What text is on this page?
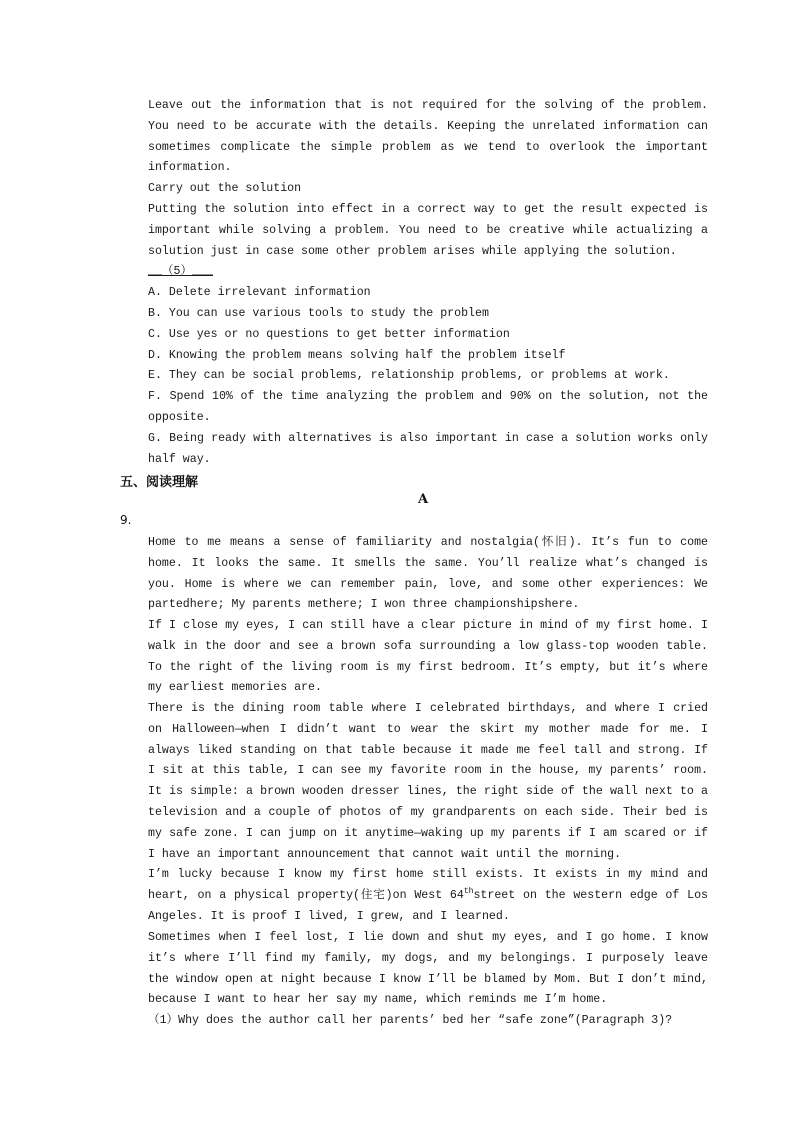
Leave out the information that is not required for the solving of the problem. You need to be accurate with the details. Keeping the unrelated information can sometimes complicate the simple problem as we tend to overlook the important information.
Carry out the solution
Putting the solution into effect in a correct way to get the result expected is important while solving a problem. You need to be creative while actualizing a solution just in case some other problem arises while applying the solution.
__（5）___
A. Delete irrelevant information
B. You can use various tools to study the problem
C. Use yes or no questions to get better information
D. Knowing the problem means solving half the problem itself
E. They can be social problems, relationship problems, or problems at work.
F. Spend 10% of the time analyzing the problem and 90% on the solution, not the opposite.
G. Being ready with alternatives is also important in case a solution works only half way.
五、阅读理解
A
9.
Home to me means a sense of familiarity and nostalgia(怀旧). It’s fun to come home. It looks the same. It smells the same. You’ll realize what’s changed is you. Home is where we can remember pain, love, and some other experiences: We partedhere; My parents methere; I won three championshipshere.
If I close my eyes, I can still have a clear picture in mind of my first home. I walk in the door and see a brown sofa surrounding a low glass-top wooden table. To the right of the living room is my first bedroom. It’s empty, but it’s where my earliest memories are.
There is the dining room table where I celebrated birthdays, and where I cried on Halloween—when I didn’t want to wear the skirt my mother made for me. I always liked standing on that table because it made me feel tall and strong. If I sit at this table, I can see my favorite room in the house, my parents’ room. It is simple: a brown wooden dresser lines, the right side of the wall next to a television and a couple of photos of my grandparents on each side. Their bed is my safe zone. I can jump on it anytime—waking up my parents if I am scared or if I have an important announcement that cannot wait until the morning.
I’m lucky because I know my first home still exists. It exists in my mind and heart, on a physical property(住宅)on West 64thstreet on the western edge of Los Angeles. It is proof I lived, I grew, and I learned.
Sometimes when I feel lost, I lie down and shut my eyes, and I go home. I know it’s where I’ll find my family, my dogs, and my belongings. I purposely leave the window open at night because I know I’ll be blamed by Mom. But I don’t mind, because I want to hear her say my name, which reminds me I’m home.
（1）Why does the author call her parents’ bed her “safe zone”(Paragraph 3)?
